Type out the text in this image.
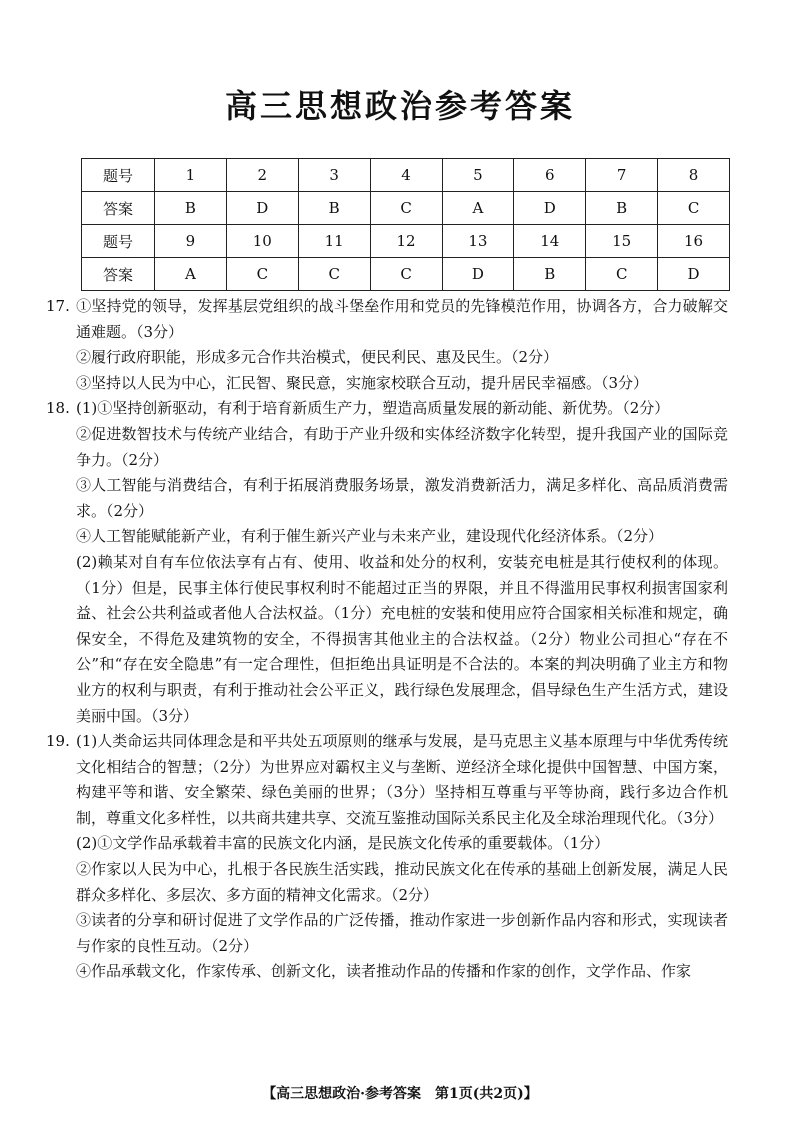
高三思想政治参考答案
题号	1	2	3	4	5	6	7	8
答案	B	D	B	C	A	D	B	C
题号	9	10	11	12	13	14	15	16
答案	A	C	C	C	D	B	C	D

17. ①坚持党的领导，发挥基层党组织的战斗堡垒作用和党员的先锋模范作用，协调各方，合力破解交通难题。（3分）

②履行政府职能，形成多元合作共治模式，便民利民、惠及民生。（2分）

③坚持以人民为中心，汇民智、聚民意，实施家校联合互动，提升居民幸福感。（3分）

18. (1)①坚持创新驱动，有利于培育新质生产力，塑造高质量发展的新动能、新优势。（2分）

②促进数智技术与传统产业结合，有助于产业升级和实体经济数字化转型，提升我国产业的国际竞争力。（2分）

③人工智能与消费结合，有利于拓展消费服务场景，激发消费新活力，满足多样化、高品质消费需求。（2分）

④人工智能赋能新产业，有利于催生新兴产业与未来产业，建设现代化经济体系。（2分）

(2)赖某对自有车位依法享有占有、使用、收益和处分的权利，安装充电桩是其行使权利的体现。（1分）但是，民事主体行使民事权利时不能超过正当的界限，并且不得滥用民事权利损害国家利益、社会公共利益或者他人合法权益。（1分）充电桩的安装和使用应符合国家相关标准和规定，确保安全，不得危及建筑物的安全，不得损害其他业主的合法权益。（2分）物业公司担心“存在不公”和“存在安全隐患”有一定合理性，但拒绝出具证明是不合法的。本案的判决明确了业主方和物业方的权利与职责，有利于推动社会公平正义，践行绿色发展理念，倡导绿色生产生活方式，建设美丽中国。（3分）

19. (1)人类命运共同体理念是和平共处五项原则的继承与发展，是马克思主义基本原理与中华优秀传统文化相结合的智慧；（2分）为世界应对霸权主义与垄断、逆经济全球化提供中国智慧、中国方案，构建平等和谐、安全繁荣、绿色美丽的世界；（3分）坚持相互尊重与平等协商，践行多边合作机制，尊重文化多样性，以共商共建共享、交流互鉴推动国际关系民主化及全球治理现代化。（3分）

(2)①文学作品承载着丰富的民族文化内涵，是民族文化传承的重要载体。（1分）

②作家以人民为中心，扎根于各民族生活实践，推动民族文化在传承的基础上创新发展，满足人民群众多样化、多层次、多方面的精神文化需求。（2分）

③读者的分享和研讨促进了文学作品的广泛传播，推动作家进一步创新作品内容和形式，实现读者与作家的良性互动。（2分）

④作品承载文化，作家传承、创新文化，读者推动作品的传播和作家的创作，文学作品、作家

【高三思想政治·参考答案　第1页(共2页)】
